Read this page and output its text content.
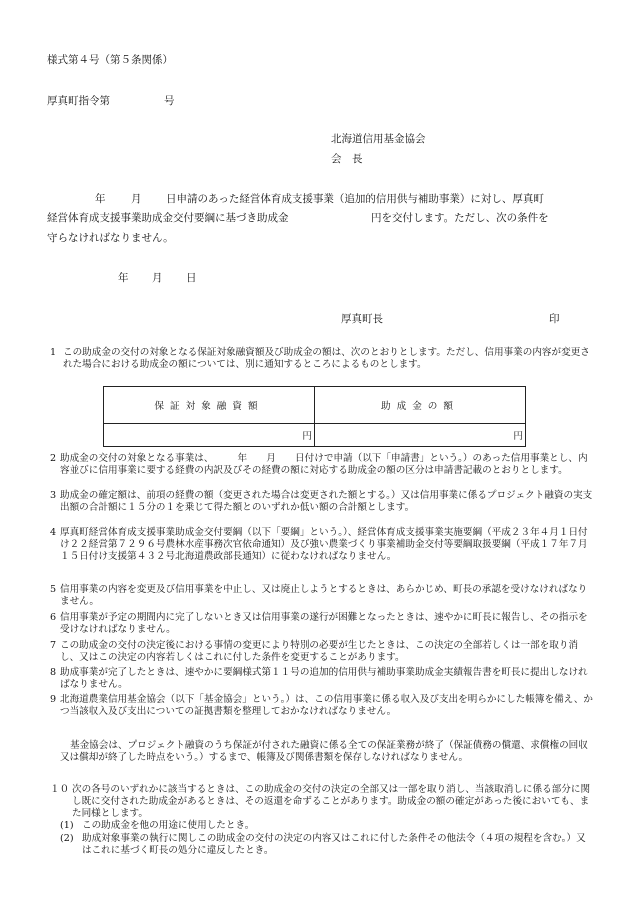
様式第４号（第５条関係）
厚真町指令第	号
北海道信用基金協会
会　長
年 月 日申請のあった経営体育成支援事業（追加的信用供与補助事業）に対し、厚真町
経営体育成支援事業助成金交付要綱に基づき助成金	円を交付します。ただし、次の条件を
守らなければなりません。
年 月 日
厚真町長	印
1 この助成金の交付の対象となる保証対象融資額及び助成金の額は、次のとおりとします。ただし、信用事業の内容が変更された場合における助成金の額については、別に通知するところによるものとします。
保証対象融資額	助成金の額
円	円
2 助成金の交付の対象となる事業は、　　　年　　月　　日付けで申請（以下「申請書」という。）のあった信用事業とし、内容並びに信用事業に要する経費の内訳及びその経費の額に対応する助成金の額の区分は申請書記載のとおりとします。
3 助成金の確定額は、前項の経費の額（変更された場合は変更された額とする。）又は信用事業に係るプロジェクト融資の実支出額の合計額に１５分の１を乗じて得た額とのいずれか低い額の合計額とします。
4 厚真町経営体育成支援事業助成金交付要綱（以下「要綱」という。）、経営体育成支援事業実施要綱（平成２３年４月１日付け２２経営第７２９６号農林水産事務次官依命通知）及び強い農業づくり事業補助金交付等要綱取扱要綱（平成１７年７月１５日付け支援第４３２号北海道農政部長通知）に従わなければなりません。
5 信用事業の内容を変更及び信用事業を中止し、又は廃止しようとするときは、あらかじめ、町長の承認を受けなければなりません。
6 信用事業が予定の期間内に完了しないとき又は信用事業の遂行が困難となったときは、速やかに町長に報告し、その指示を受けなければなりません。
7 この助成金の交付の決定後における事情の変更により特別の必要が生じたときは、この決定の全部若しくは一部を取り消し、又はこの決定の内容若しくはこれに付した条件を変更することがあります。
8 助成事業が完了したときは、速やかに要綱様式第１１号の追加的信用供与補助事業助成金実績報告書を町長に提出しなければなりません。
9 北海道農業信用基金協会（以下「基金協会」という。）は、この信用事業に係る収入及び支出を明らかにした帳簿を備え、かつ当該収入及び支出についての証拠書類を整理しておかなければなりません。
基金協会は、プロジェクト融資のうち保証が付された融資に係る全ての保証業務が終了（保証債務の償還、求償権の回収又は償却が終了した時点をいう。）するまで、帳簿及び関係書類を保存しなければなりません。
１０ 次の各号のいずれかに該当するときは、この助成金の交付の決定の全部又は一部を取り消し、当該取消しに係る部分に関し既に交付された助成金があるときは、その返還を命ずることがあります。助成金の額の確定があった後においても、また同様とします。
(1) この助成金を他の用途に使用したとき。
(2) 助成対象事業の執行に関しこの助成金の交付の決定の内容又はこれに付した条件その他法令（４項の規程を含む。）又はこれに基づく町長の処分に違反したとき。
